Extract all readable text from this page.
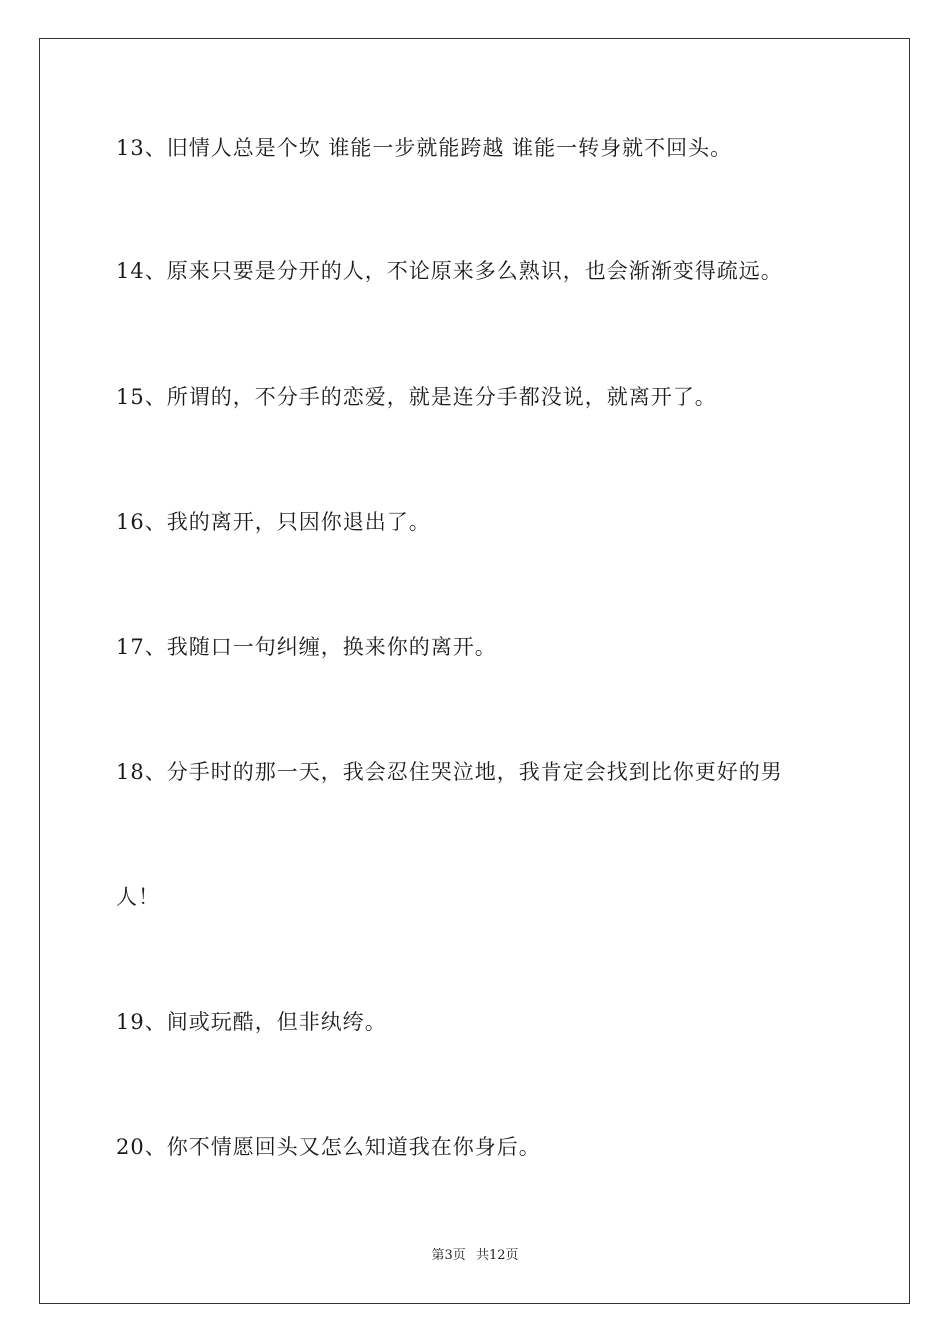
13、旧情人总是个坎 谁能一步就能跨越 谁能一转身就不回头。
14、原来只要是分开的人，不论原来多么熟识，也会渐渐变得疏远。
15、所谓的，不分手的恋爱，就是连分手都没说，就离开了。
16、我的离开，只因你退出了。
17、我随口一句纠缠，换来你的离开。
18、分手时的那一天，我会忍住哭泣地，我肯定会找到比你更好的男
人！
19、间或玩酷，但非纨绔。
20、你不情愿回头又怎么知道我在你身后。
第3页 共12页
